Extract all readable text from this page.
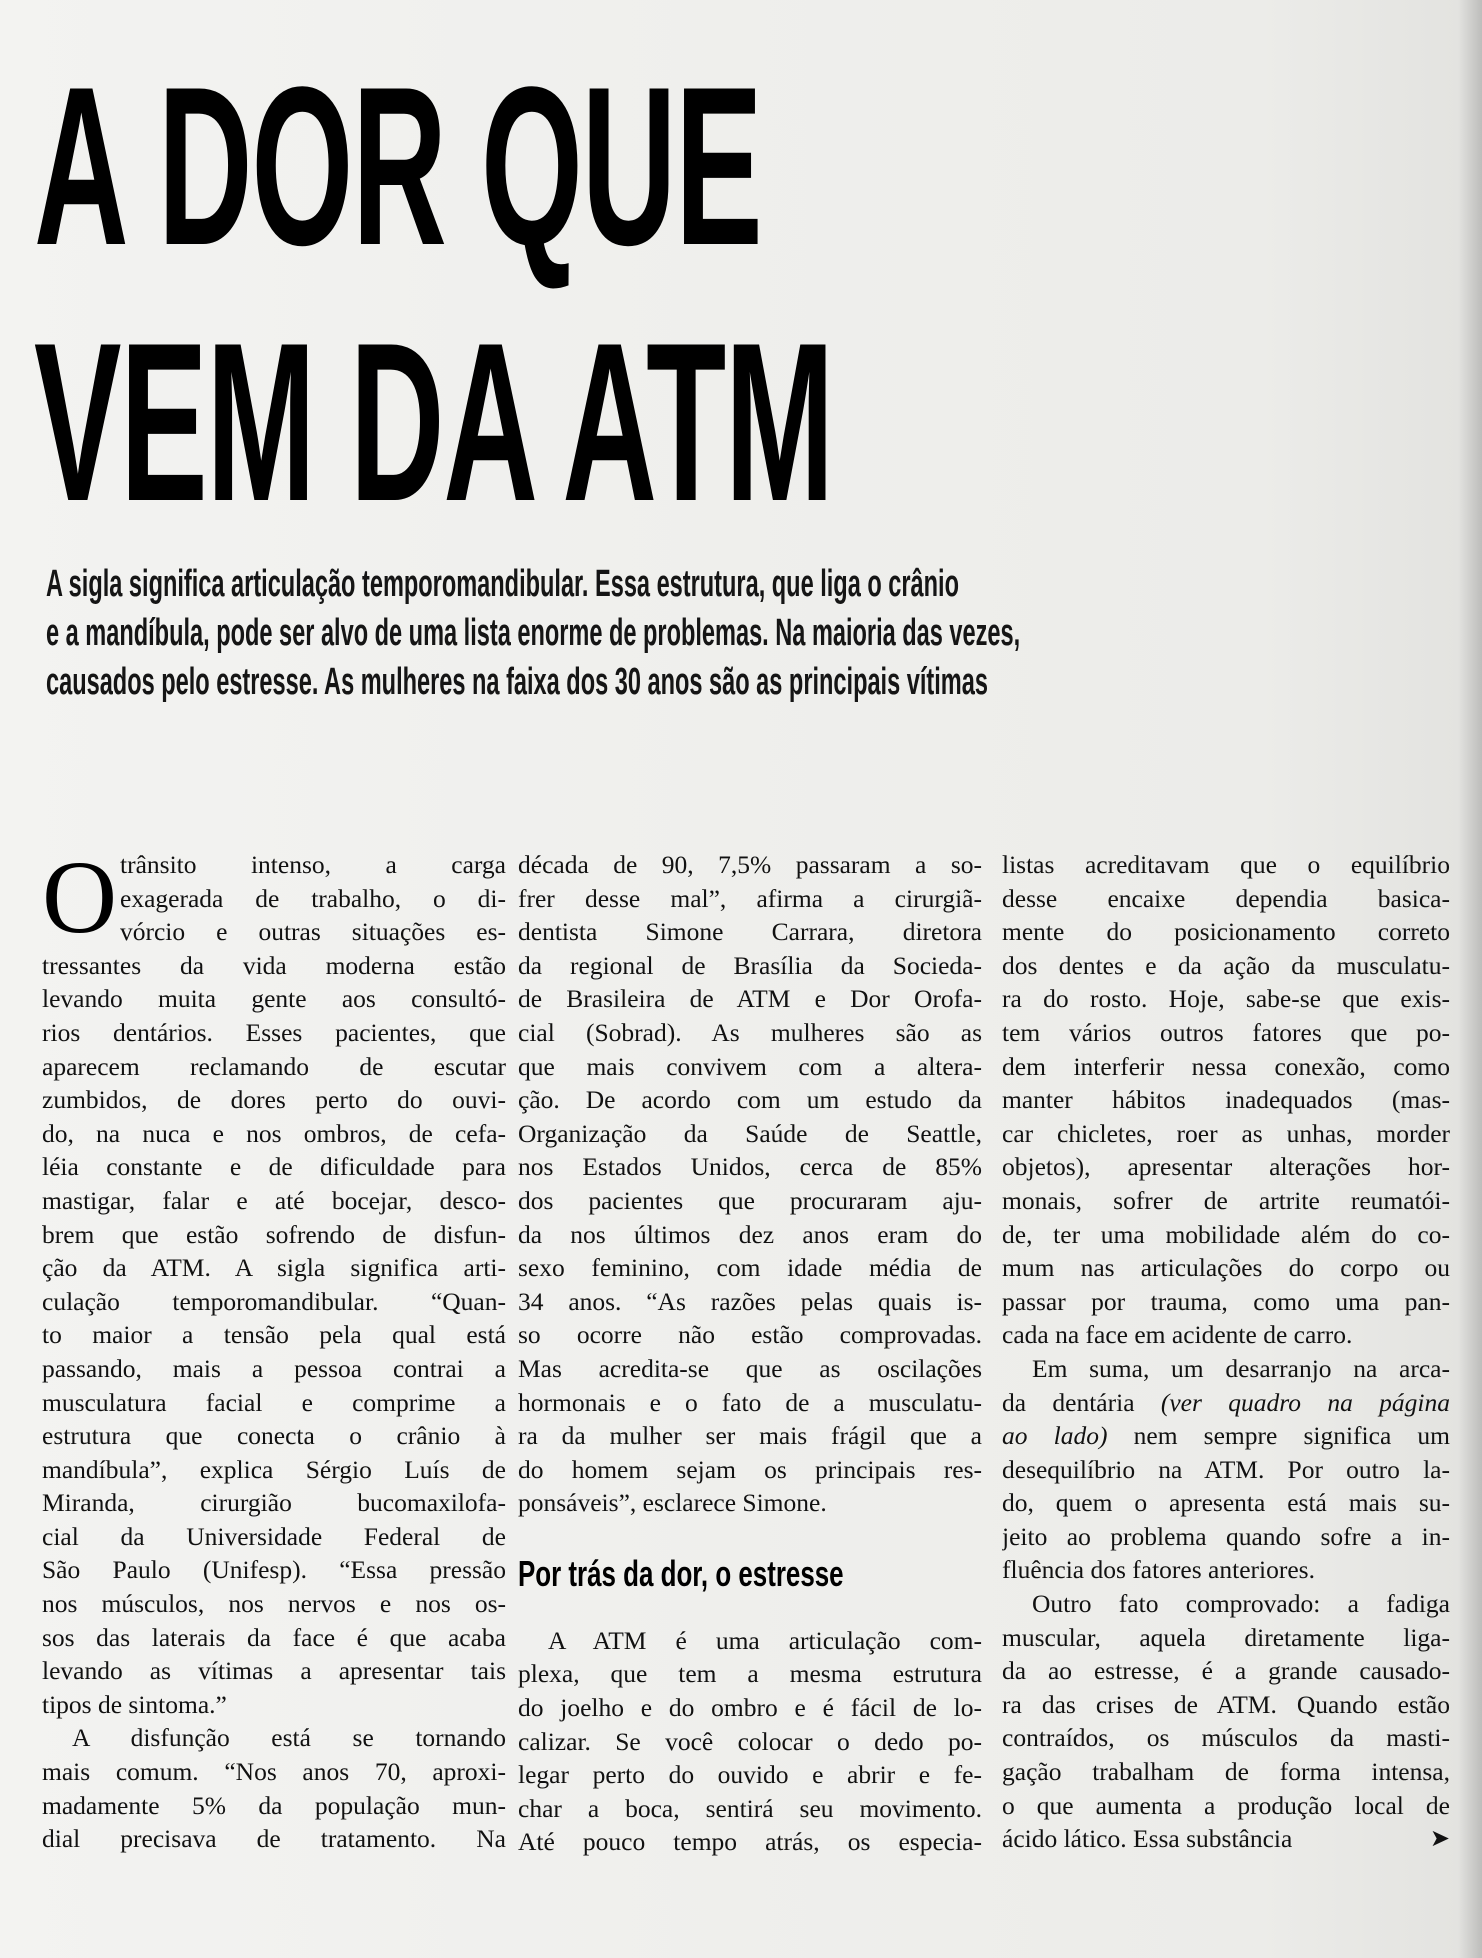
A DOR QUE
VEM DA ATM
A sigla significa articulação temporomandibular. Essa estrutura, que liga o crânio
e a mandíbula, pode ser alvo de uma lista enorme de problemas. Na maioria das vezes,
causados pelo estresse. As mulheres na faixa dos 30 anos são as principais vítimas
O trânsito intenso, a carga
exagerada de trabalho, o di-
vórcio e outras situações es-
tressantes da vida moderna estão
levando muita gente aos consultó-
rios dentários. Esses pacientes, que
aparecem reclamando de escutar
zumbidos, de dores perto do ouvi-
do, na nuca e nos ombros, de cefa-
léia constante e de dificuldade para
mastigar, falar e até bocejar, desco-
brem que estão sofrendo de disfun-
ção da ATM. A sigla significa arti-
culação temporomandibular. “Quan-
to maior a tensão pela qual está
passando, mais a pessoa contrai a
musculatura facial e comprime a
estrutura que conecta o crânio à
mandíbula”, explica Sérgio Luís de
Miranda, cirurgião bucomaxilofa-
cial da Universidade Federal de
São Paulo (Unifesp). “Essa pressão
nos músculos, nos nervos e nos os-
sos das laterais da face é que acaba
levando as vítimas a apresentar tais
tipos de sintoma.”
A disfunção está se tornando
mais comum. “Nos anos 70, aproxi-
madamente 5% da população mun-
dial precisava de tratamento. Na
década de 90, 7,5% passaram a so-
frer desse mal”, afirma a cirurgiã-
dentista Simone Carrara, diretora
da regional de Brasília da Socieda-
de Brasileira de ATM e Dor Orofa-
cial (Sobrad). As mulheres são as
que mais convivem com a altera-
ção. De acordo com um estudo da
Organização da Saúde de Seattle,
nos Estados Unidos, cerca de 85%
dos pacientes que procuraram aju-
da nos últimos dez anos eram do
sexo feminino, com idade média de
34 anos. “As razões pelas quais is-
so ocorre não estão comprovadas.
Mas acredita-se que as oscilações
hormonais e o fato de a musculatu-
ra da mulher ser mais frágil que a
do homem sejam os principais res-
ponsáveis”, esclarece Simone.
Por trás da dor, o estresse
A ATM é uma articulação com-
plexa, que tem a mesma estrutura
do joelho e do ombro e é fácil de lo-
calizar. Se você colocar o dedo po-
legar perto do ouvido e abrir e fe-
char a boca, sentirá seu movimento.
Até pouco tempo atrás, os especia-
listas acreditavam que o equilíbrio
desse encaixe dependia basica-
mente do posicionamento correto
dos dentes e da ação da musculatu-
ra do rosto. Hoje, sabe-se que exis-
tem vários outros fatores que po-
dem interferir nessa conexão, como
manter hábitos inadequados (mas-
car chicletes, roer as unhas, morder
objetos), apresentar alterações hor-
monais, sofrer de artrite reumatói-
de, ter uma mobilidade além do co-
mum nas articulações do corpo ou
passar por trauma, como uma pan-
cada na face em acidente de carro.
Em suma, um desarranjo na arca-
da dentária (ver quadro na página
ao lado) nem sempre significa um
desequilíbrio na ATM. Por outro la-
do, quem o apresenta está mais su-
jeito ao problema quando sofre a in-
fluência dos fatores anteriores.
Outro fato comprovado: a fadiga
muscular, aquela diretamente liga-
da ao estresse, é a grande causado-
ra das crises de ATM. Quando estão
contraídos, os músculos da masti-
gação trabalham de forma intensa,
o que aumenta a produção local de
ácido lático. Essa substância	➤
